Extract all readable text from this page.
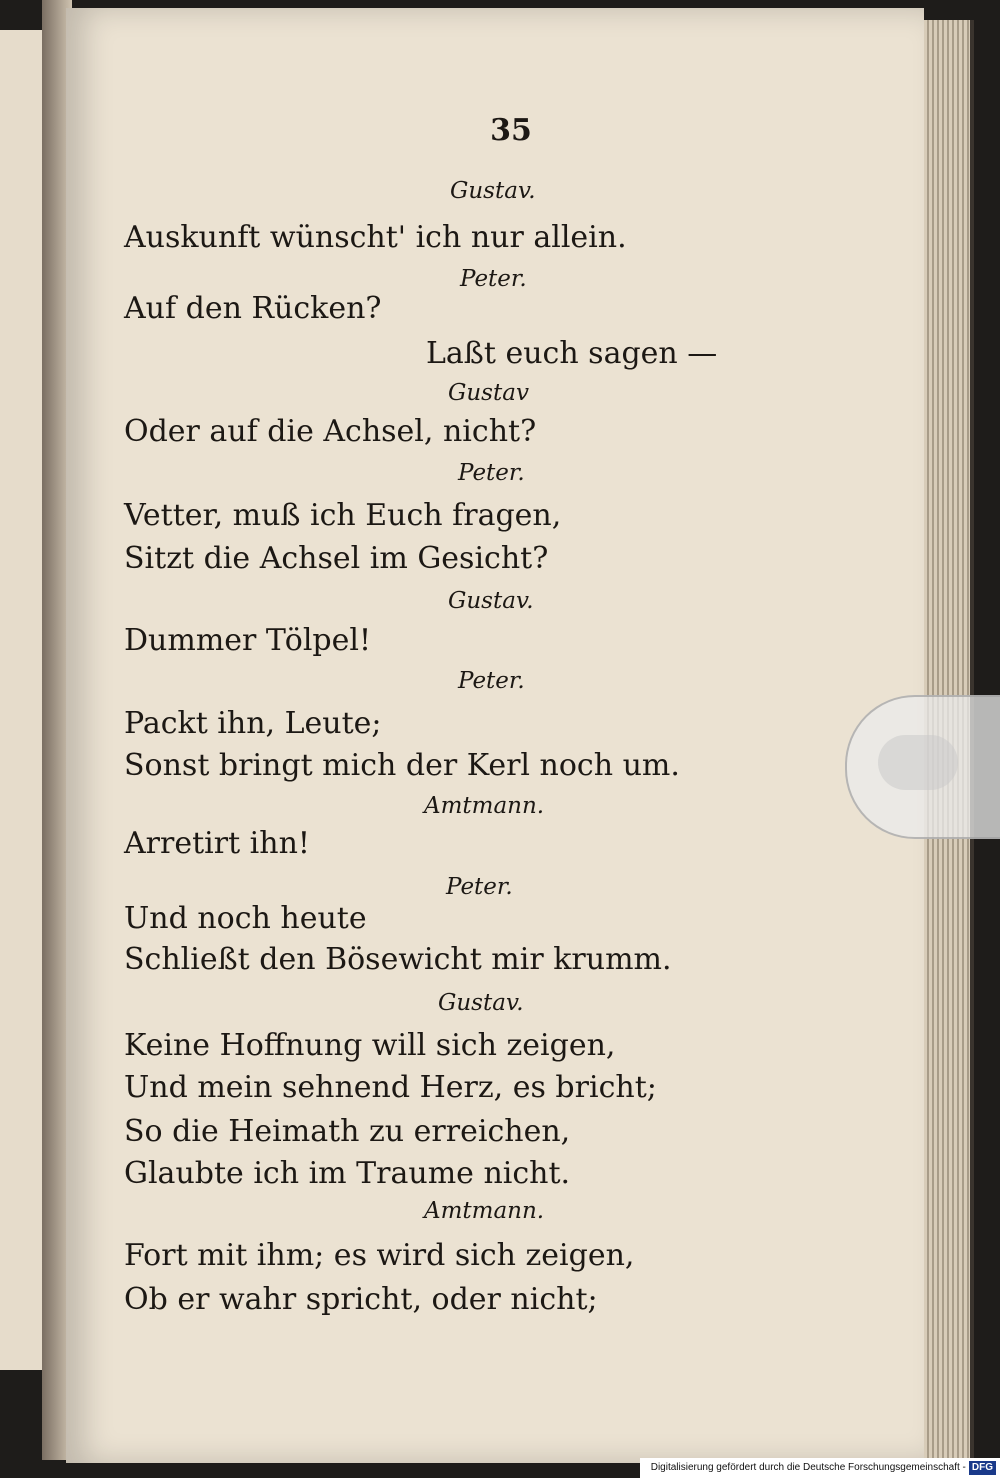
35
Gustav.
Auskunft wünscht' ich nur allein.
Peter.
Auf den Rücken?
Laßt euch sagen —
Gustav
Oder auf die Achsel, nicht?
Peter.
Vetter, muß ich Euch fragen,
Sitzt die Achsel im Gesicht?
Gustav.
Dummer Tölpel!
Peter.
Packt ihn, Leute;
Sonst bringt mich der Kerl noch um.
Amtmann.
Arretirt ihn!
Peter.
Und noch heute
Schließt den Bösewicht mir krumm.
Gustav.
Keine Hoffnung will sich zeigen,
Und mein sehnend Herz, es bricht;
So die Heimath zu erreichen,
Glaubte ich im Traume nicht.
Amtmann.
Fort mit ihm; es wird sich zeigen,
Ob er wahr spricht, oder nicht;
Digitalisierung gefördert durch die Deutsche Forschungsgemeinschaft - DFG
